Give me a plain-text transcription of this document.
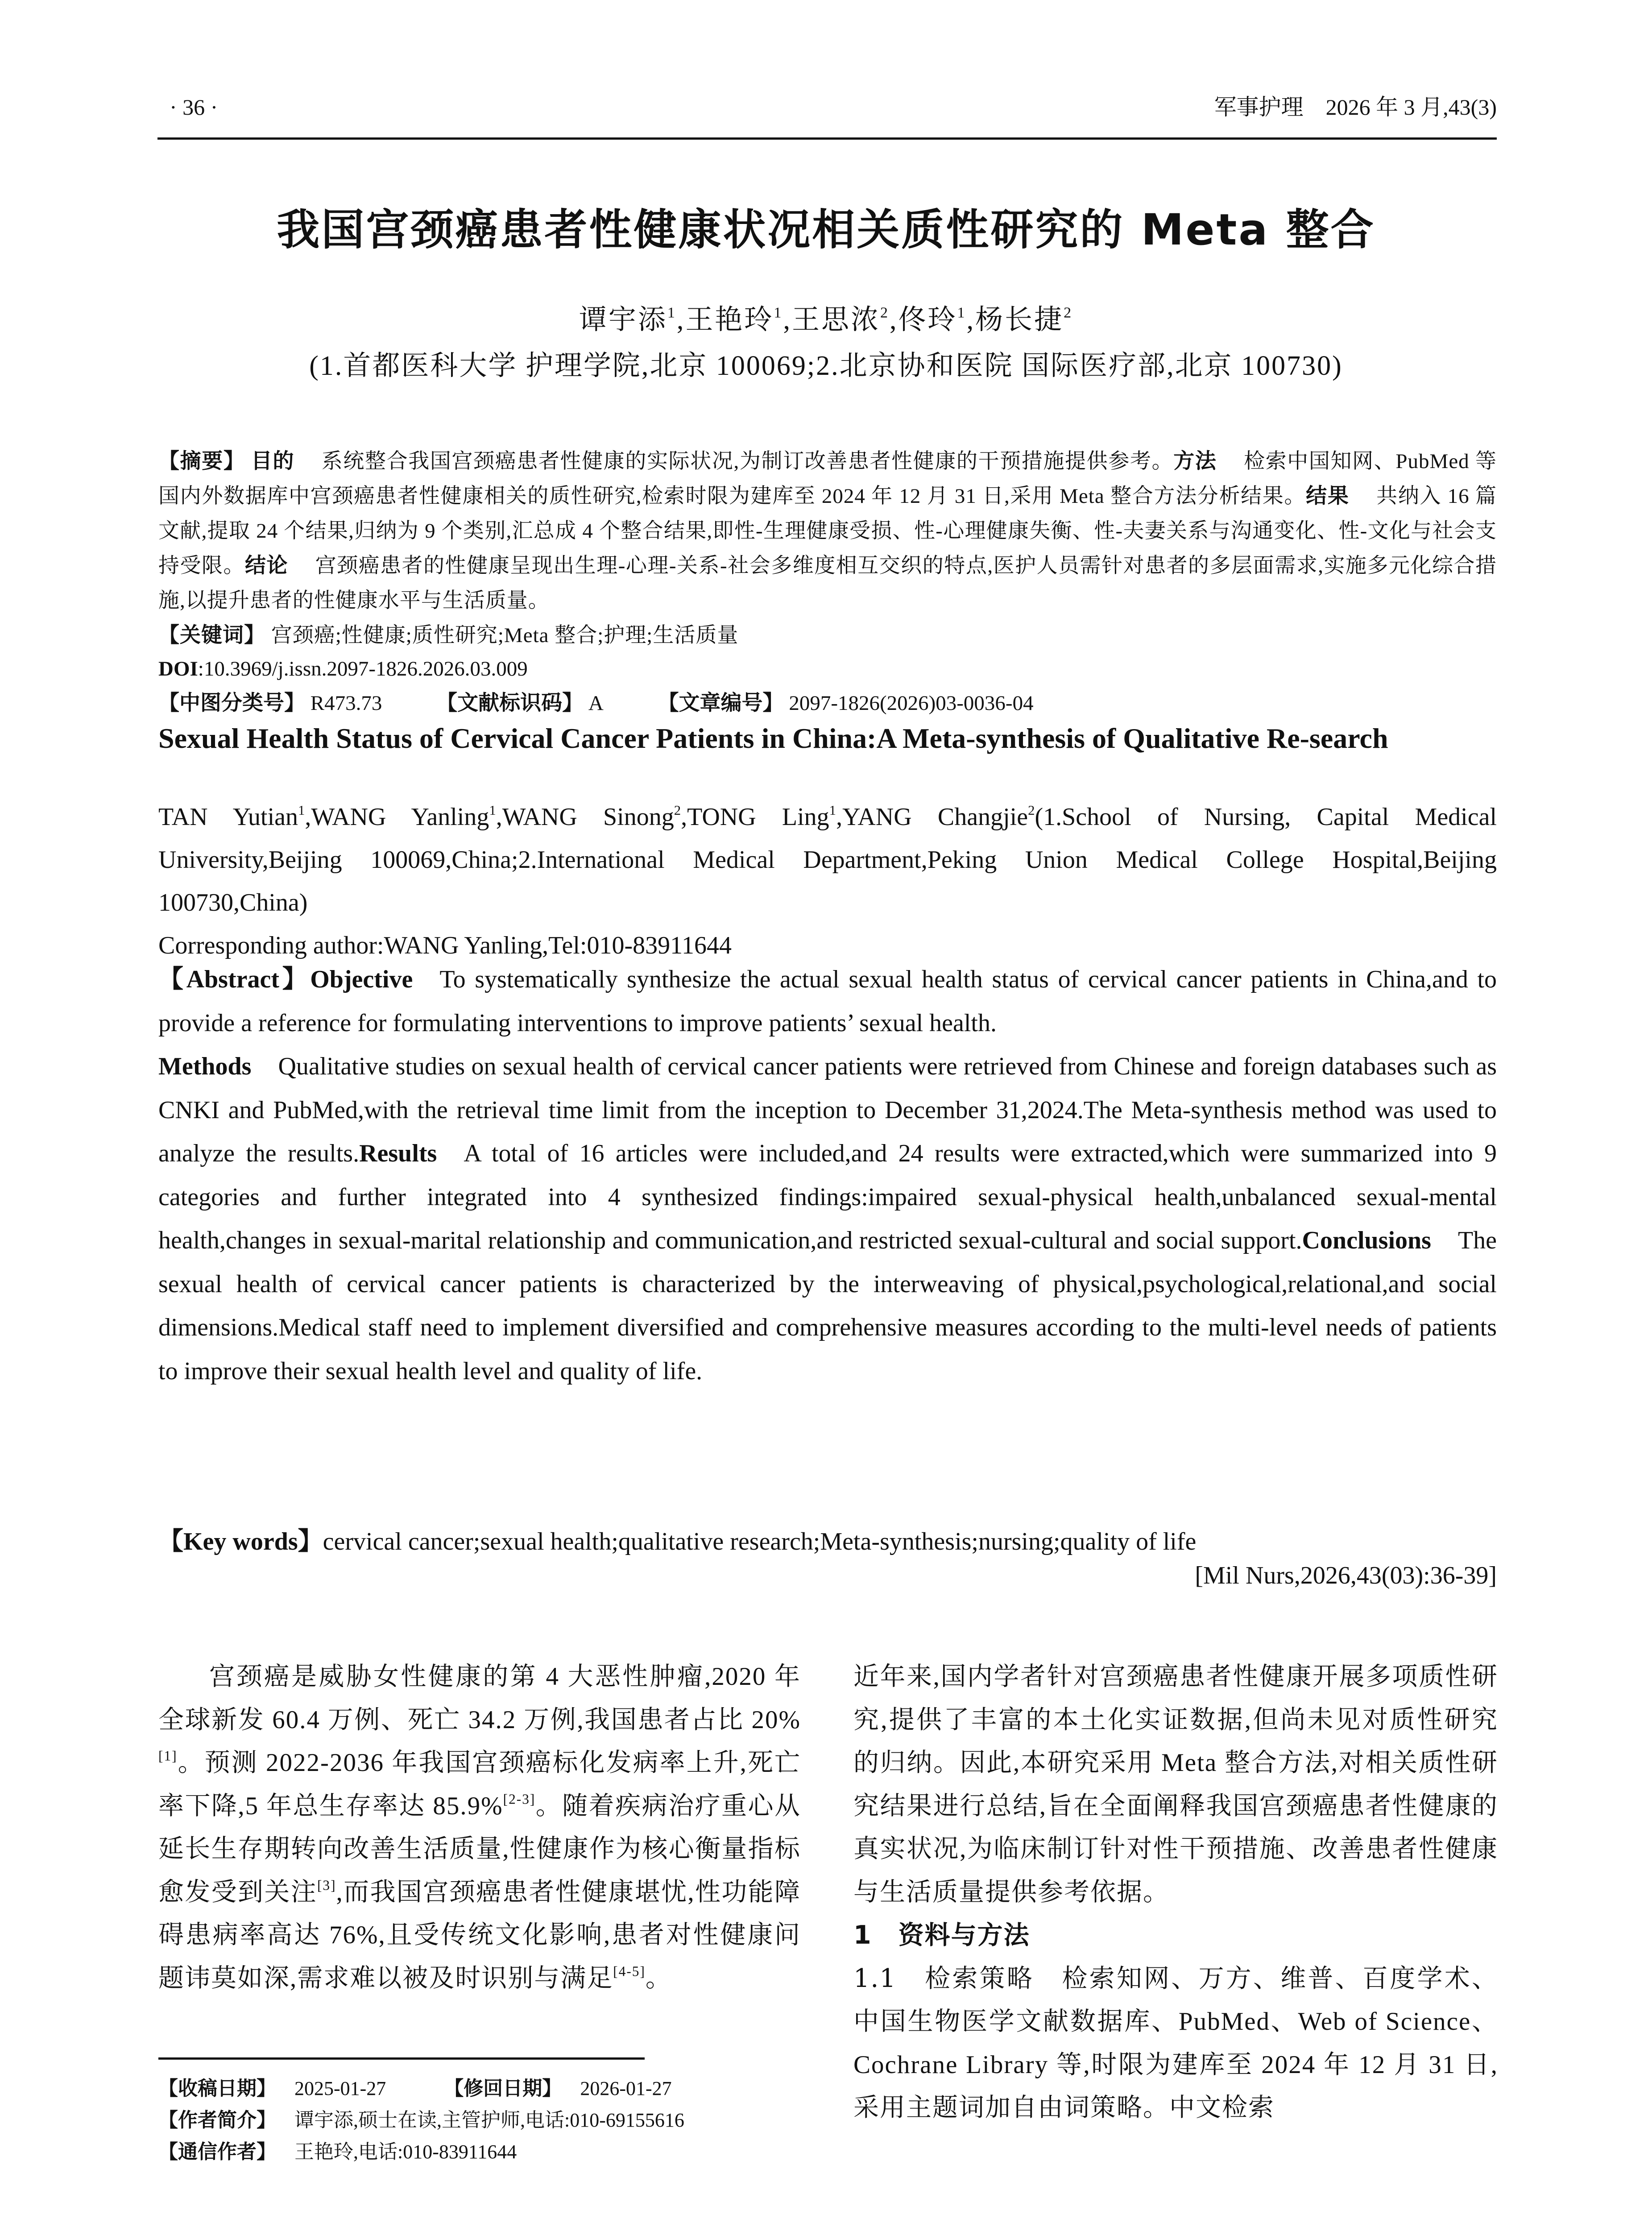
· 36 ·	军事护理　2026 年 3 月,43(3)
我国宫颈癌患者性健康状况相关质性研究的 Meta 整合
谭宇添$^1$,王艳玲$^1$,王思浓$^2$,佟玲$^1$,杨长捷$^2$
(1.首都医科大学 护理学院,北京 100069;2.北京协和医院 国际医疗部,北京 100730)
【摘要】 目的 系统整合我国宫颈癌患者性健康的实际状况,为制订改善患者性健康的干预措施提供参考。方法 检索中国知网、PubMed 等国内外数据库中宫颈癌患者性健康相关的质性研究,检索时限为建库至 2024 年 12 月 31 日,采用 Meta 整合方法分析结果。结果 共纳入 16 篇文献,提取 24 个结果,归纳为 9 个类别,汇总成 4 个整合结果,即性-生理健康受损、性-心理健康失衡、性-夫妻关系与沟通变化、性-文化与社会支持受限。结论 宫颈癌患者的性健康呈现出生理-心理-关系-社会多维度相互交织的特点,医护人员需针对患者的多层面需求,实施多元化综合措施,以提升患者的性健康水平与生活质量。
【关键词】 宫颈癌;性健康;质性研究;Meta 整合;护理;生活质量
DOI:10.3969/j.issn.2097-1826.2026.03.009
【中图分类号】 R473.73	【文献标识码】 A	【文章编号】 2097-1826(2026)03-0036-04
Sexual Health Status of Cervical Cancer Patients in China:A Meta-synthesis of Qualitative Re-search
TAN Yutian$^1$,WANG Yanling$^1$,WANG Sinong$^2$,TONG Ling$^1$,YANG Changjie$^2$(1.School of Nursing, Capital Medical University,Beijing 100069,China;2.International Medical Department,Peking Union Medical College Hospital,Beijing 100730,China)
Corresponding author:WANG Yanling,Tel:010-83911644
【Abstract】Objective To systematically synthesize the actual sexual health status of cervical cancer patients in China,and to provide a reference for formulating interventions to improve patients’ sexual health.
Methods Qualitative studies on sexual health of cervical cancer patients were retrieved from Chinese and foreign databases such as CNKI and PubMed,with the retrieval time limit from the inception to December 31,2024.The Meta-synthesis method was used to analyze the results.Results A total of 16 articles were included,and 24 results were extracted,which were summarized into 9 categories and further integrated into 4 synthesized findings:impaired sexual-physical health,unbalanced sexual-mental health,changes in sexual-marital relationship and communication,and restricted sexual-cultural and social support.Conclusions The sexual health of cervical cancer patients is characterized by the interweaving of physical,psychological,relational,and social dimensions.Medical staff need to implement diversified and comprehensive measures according to the multi-level needs of patients to improve their sexual health level and quality of life.
【Key words】cervical cancer;sexual health;qualitative research;Meta-synthesis;nursing;quality of life
[Mil Nurs,2026,43(03):36-39]

宫颈癌是威胁女性健康的第 4 大恶性肿瘤,2020 年全球新发 60.4 万例、死亡 34.2 万例,我国患者占比 20%[1]。预测 2022-2036 年我国宫颈癌标化发病率上升,死亡率下降,5 年总生存率达 85.9%[2-3]。随着疾病治疗重心从延长生存期转向改善生活质量,性健康作为核心衡量指标愈发受到关注[3],而我国宫颈癌患者性健康堪忧,性功能障碍患病率高达 76%,且受传统文化影响,患者对性健康问题讳莫如深,需求难以被及时识别与满足[4-5]。

【收稿日期】 2025-01-27	【修回日期】 2026-01-27
【作者简介】 谭宇添,硕士在读,主管护师,电话:010-69155616
【通信作者】 王艳玲,电话:010-83911644

近年来,国内学者针对宫颈癌患者性健康开展多项质性研究,提供了丰富的本土化实证数据,但尚未见对质性研究的归纳。因此,本研究采用 Meta 整合方法,对相关质性研究结果进行总结,旨在全面阐释我国宫颈癌患者性健康的真实状况,为临床制订针对性干预措施、改善患者性健康与生活质量提供参考依据。

1　资料与方法

1.1　检索策略 检索知网、万方、维普、百度学术、中国生物医学文献数据库、PubMed、Web of Science、Cochrane Library 等,时限为建库至 2024 年 12 月 31 日,采用主题词加自由词策略。中文检索
